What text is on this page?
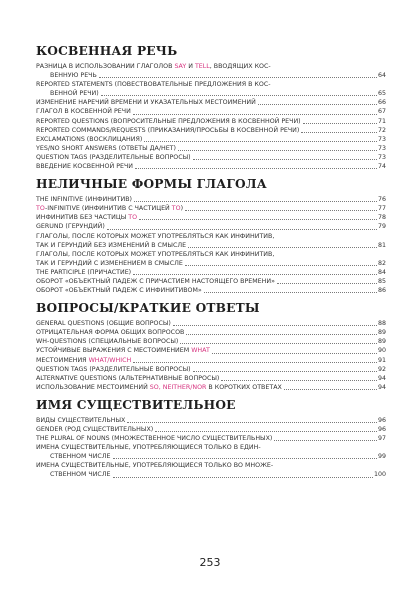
КОСВЕННАЯ РЕЧЬ
РАЗНИЦА В ИСПОЛЬЗОВАНИИ ГЛАГОЛОВ SAY И TELL, ВВОДЯЩИХ КОС-
ВЕННУЮ РЕЧЬ	64
REPORTED STATEMENTS (ПОВЕСТВОВАТЕЛЬНЫЕ ПРЕДЛОЖЕНИЯ В КОС-
ВЕННОЙ РЕЧИ)	65
ИЗМЕНЕНИЕ НАРЕЧИЙ ВРЕМЕНИ И УКАЗАТЕЛЬНЫХ МЕСТОИМЕНИЙ	66
ГЛАГОЛ В КОСВЕННОЙ РЕЧИ	67
REPORTED QUESTIONS (ВОПРОСИТЕЛЬНЫЕ ПРЕДЛОЖЕНИЯ В КОСВЕННОЙ РЕЧИ)	71
REPORTED COMMANDS/REQUESTS (ПРИКАЗАНИЯ/ПРОСЬБЫ В КОСВЕННОЙ РЕЧИ)	72
EXCLAMATIONS (ВОСКЛИЦАНИЯ)	73
YES/NO SHORT ANSWERS (ОТВЕТЫ ДА/НЕТ)	73
QUESTION TAGS (РАЗДЕЛИТЕЛЬНЫЕ ВОПРОСЫ)	73
ВВЕДЕНИЕ КОСВЕННОЙ РЕЧИ	74
НЕЛИЧНЫЕ ФОРМЫ ГЛАГОЛА
THE INFINITIVE (ИНФИНИТИВ)	76
TO-INFINITIVE (ИНФИНИТИВ С ЧАСТИЦЕЙ TO)	77
ИНФИНИТИВ БЕЗ ЧАСТИЦЫ TO	78
GERUND (ГЕРУНДИЙ)	79
ГЛАГОЛЫ, ПОСЛЕ КОТОРЫХ МОЖЕТ УПОТРЕБЛЯТЬСЯ КАК ИНФИНИТИВ,
ТАК И ГЕРУНДИЙ БЕЗ ИЗМЕНЕНИЙ В СМЫСЛЕ	81
ГЛАГОЛЫ, ПОСЛЕ КОТОРЫХ МОЖЕТ УПОТРЕБЛЯТЬСЯ КАК ИНФИНИТИВ,
ТАК И ГЕРУНДИЙ С ИЗМЕНЕНИЕМ В СМЫСЛЕ	82
THE PARTICIPLE (ПРИЧАСТИЕ)	84
ОБОРОТ «ОБЪЕКТНЫЙ ПАДЕЖ С ПРИЧАСТИЕМ НАСТОЯЩЕГО ВРЕМЕНИ»	85
ОБОРОТ «ОБЪЕКТНЫЙ ПАДЕЖ С ИНФИНИТИВОМ»	86
ВОПРОСЫ/КРАТКИЕ ОТВЕТЫ
GENERAL QUESTIONS (ОБЩИЕ ВОПРОСЫ)	88
ОТРИЦАТЕЛЬНАЯ ФОРМА ОБЩИХ ВОПРОСОВ	89
WH-QUESTIONS (СПЕЦИАЛЬНЫЕ ВОПРОСЫ)	89
УСТОЙЧИВЫЕ ВЫРАЖЕНИЯ С МЕСТОИМЕНИЕМ WHAT	90
МЕСТОИМЕНИЯ WHAT/WHICH	91
QUESTION TAGS (РАЗДЕЛИТЕЛЬНЫЕ ВОПРОСЫ)	92
ALTERNATIVE QUESTIONS (АЛЬТЕРНАТИВНЫЕ ВОПРОСЫ)	94
ИСПОЛЬЗОВАНИЕ МЕСТОИМЕНИЙ SO, NEITHER/NOR В КОРОТКИХ ОТВЕТАХ	94
ИМЯ СУЩЕСТВИТЕЛЬНОЕ
ВИДЫ СУЩЕСТВИТЕЛЬНЫХ	96
GENDER (РОД СУЩЕСТВИТЕЛЬНЫХ)	96
THE PLURAL OF NOUNS (МНОЖЕСТВЕННОЕ ЧИСЛО СУЩЕСТВИТЕЛЬНЫХ)	97
ИМЕНА СУЩЕСТВИТЕЛЬНЫЕ, УПОТРЕБЛЯЮЩИЕСЯ ТОЛЬКО В ЕДИН-
СТВЕННОМ ЧИСЛЕ	99
ИМЕНА СУЩЕСТВИТЕЛЬНЫЕ, УПОТРЕБЛЯЮЩИЕСЯ ТОЛЬКО ВО МНОЖЕ-
СТВЕННОМ ЧИСЛЕ	100
253
